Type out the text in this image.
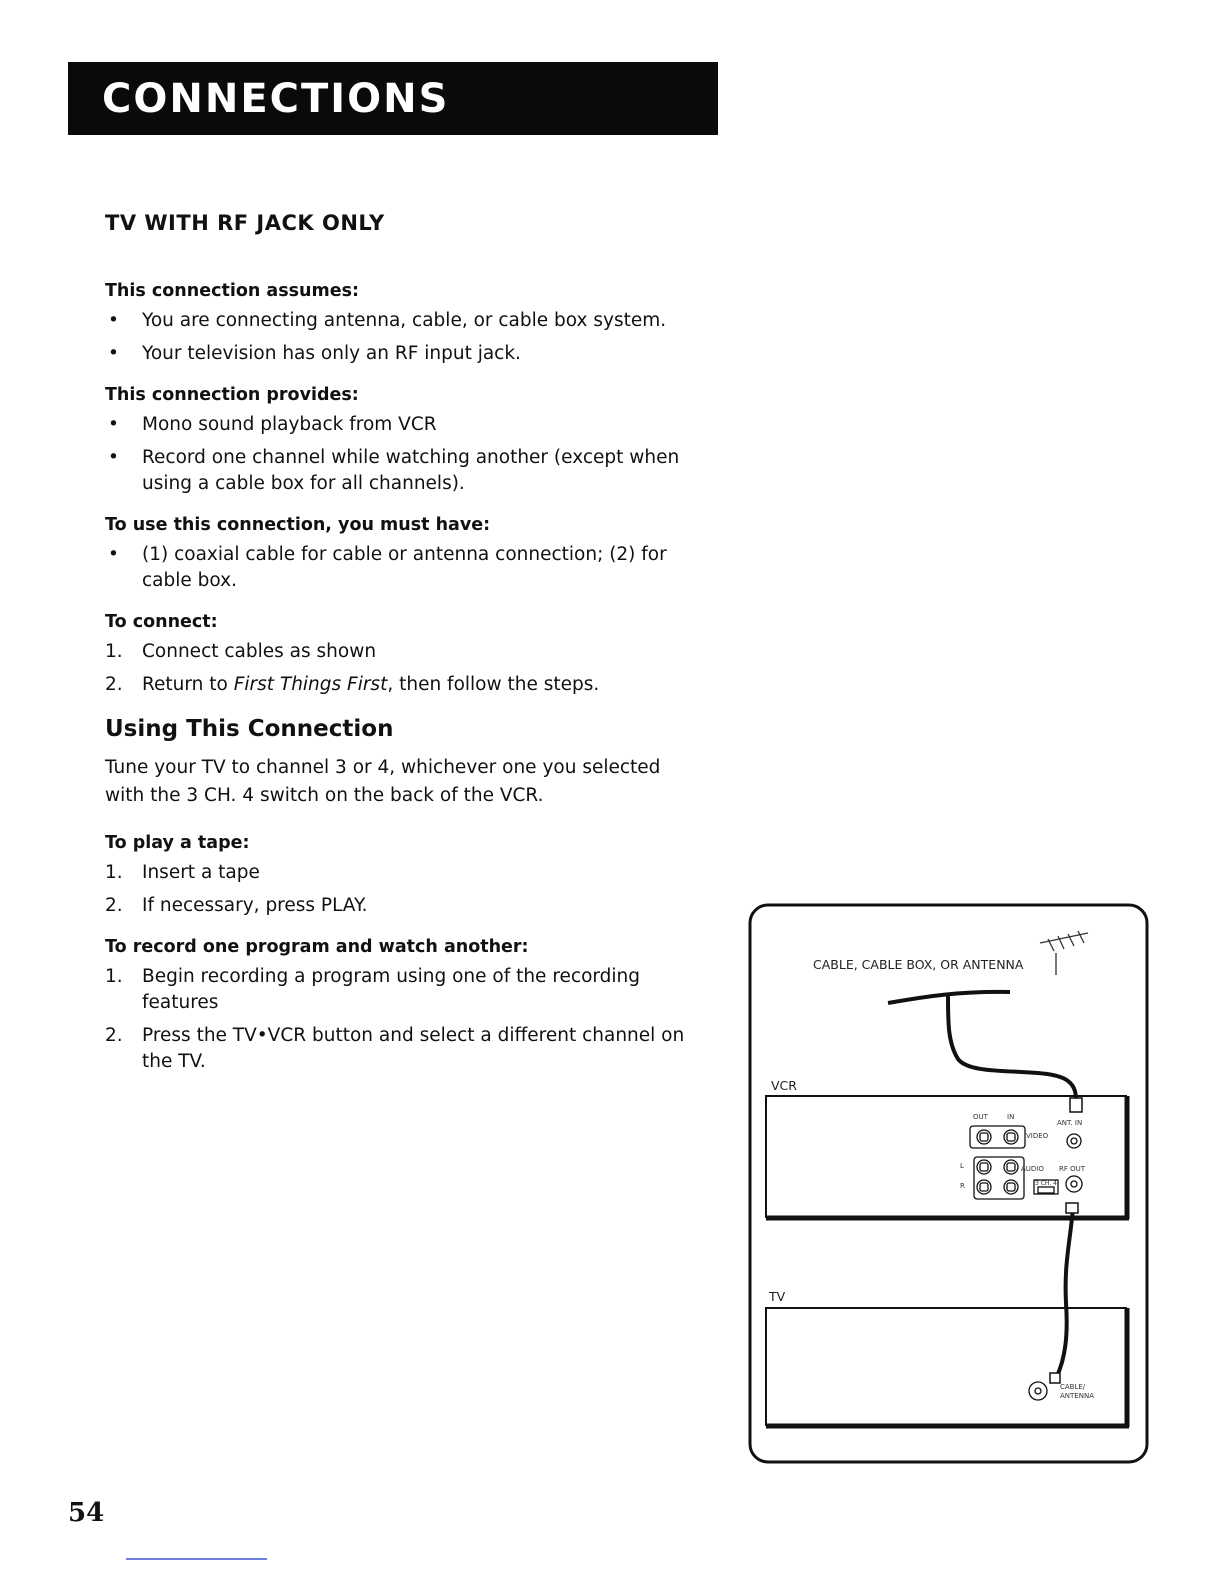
CONNECTIONS
TV WITH RF JACK ONLY
This connection assumes:
• You are connecting antenna, cable, or cable box system.
• Your television has only an RF input jack.
This connection provides:
• Mono sound playback from VCR
• Record one channel while watching another (except when using a cable box for all channels).
To use this connection, you must have:
• (1) coaxial cable for cable or antenna connection; (2) for cable box.
To connect:
1. Connect cables as shown
2. Return to First Things First, then follow the steps.
Using This Connection

Tune your TV to channel 3 or 4, whichever one you selected with the 3 CH. 4 switch on the back of the VCR.

To play a tape:
1. Insert a tape
2. If necessary, press PLAY.
To record one program and watch another:
1. Begin recording a program using one of the recording features
2. Press the TV•VCR button and select a different channel on the TV.
CABLE, CABLE BOX, OR ANTENNA
VCR
TV
OUT	IN
VIDEO
AUDIO
L
R
ANT. IN
RF OUT
3 CH. 4
CABLE/ ANTENNA
54
